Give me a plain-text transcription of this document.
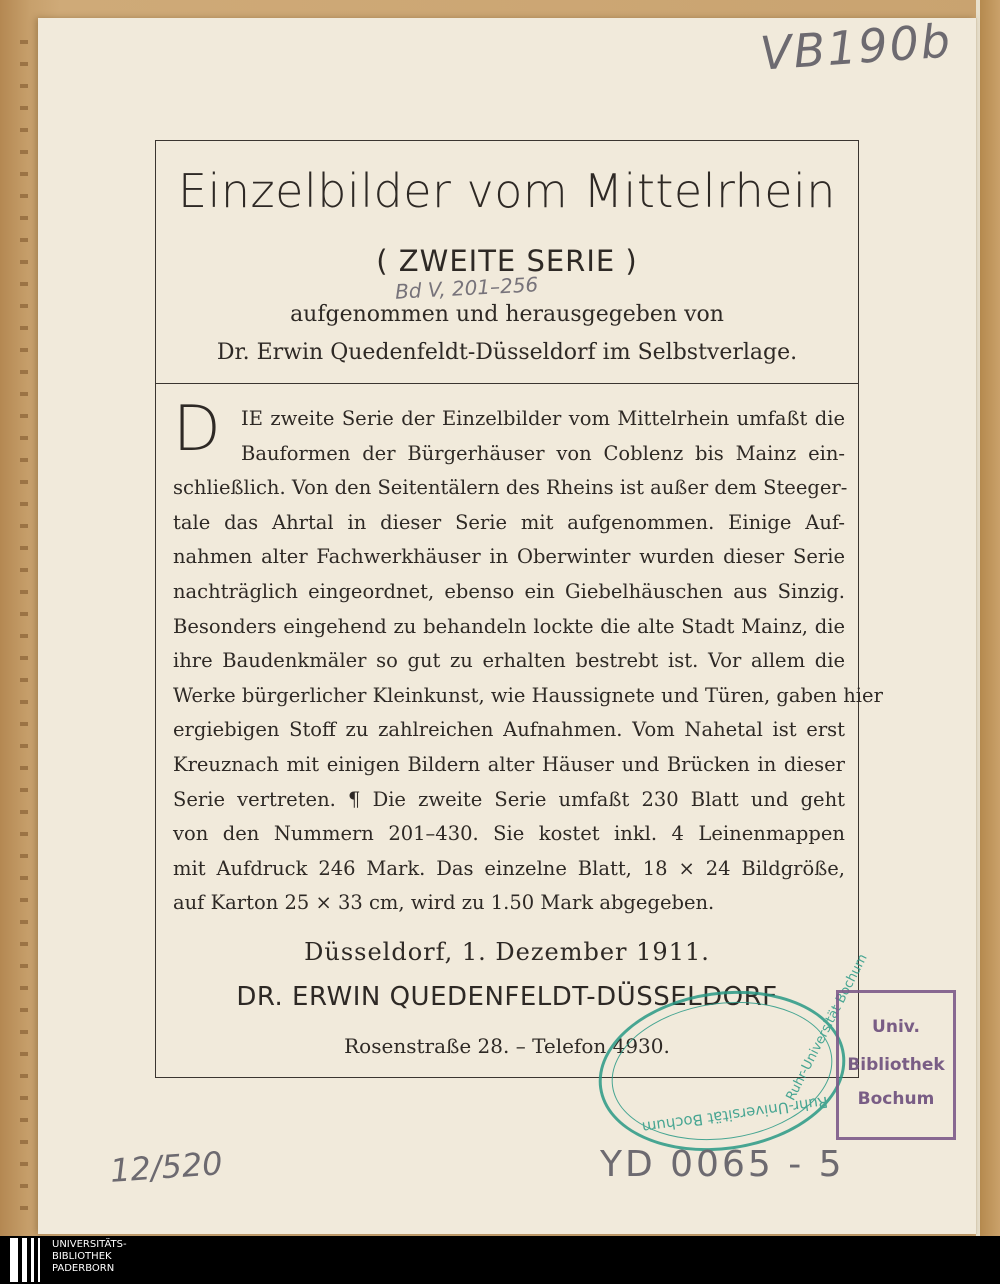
VB190b
Einzelbilder vom Mittelrhein
( ZWEITE SERIE )
Bd V, 201–256
aufgenommen und herausgegeben von
Dr. Erwin Quedenfeldt-Düsseldorf im Selbstverlage.
D	IE zweite Serie der Einzelbilder vom Mittelrhein umfaßt die
Bauformen der Bürgerhäuser von Coblenz bis Mainz ein-
schließlich. Von den Seitentälern des Rheins ist außer dem Steeger-
tale das Ahrtal in dieser Serie mit aufgenommen. Einige Auf-
nahmen alter Fachwerkhäuser in Oberwinter wurden dieser Serie
nachträglich eingeordnet, ebenso ein Giebelhäuschen aus Sinzig.
Besonders eingehend zu behandeln lockte die alte Stadt Mainz, die
ihre Baudenkmäler so gut zu erhalten bestrebt ist. Vor allem die
Werke bürgerlicher Kleinkunst, wie Haussignete und Türen, gaben hier
ergiebigen Stoff zu zahlreichen Aufnahmen. Vom Nahetal ist erst
Kreuznach mit einigen Bildern alter Häuser und Brücken in dieser
Serie vertreten. ¶ Die zweite Serie umfaßt 230 Blatt und geht
von den Nummern 201–430. Sie kostet inkl. 4 Leinenmappen
mit Aufdruck 246 Mark. Das einzelne Blatt, 18 × 24 Bildgröße,
auf Karton 25 × 33 cm, wird zu 1.50 Mark abgegeben.
Düsseldorf, 1. Dezember 1911.
DR. ERWIN QUEDENFELDT-DÜSSELDORF
Rosenstraße 28. – Telefon 4930.	Ruhr-Universität Bochum
Ruhr-Universität Bochum
Univ.
Bibliothek
Bochum
12/520	YD 0065 - 5
UNIVERSITÄTS-
BIBLIOTHEK
PADERBORN
